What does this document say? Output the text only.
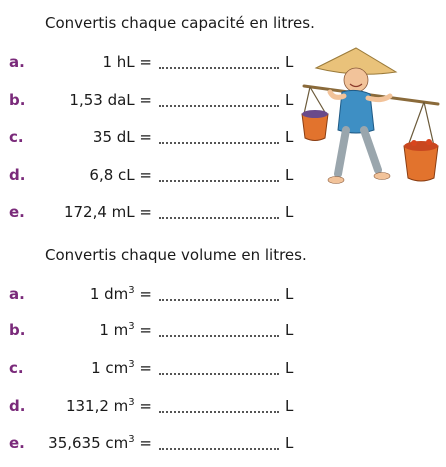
Convertis chaque capacité en litres.
a.	1 hL =	L
b.	1,53 daL =	L
c.	35 dL =	L
d.	6,8 cL =	L
e.	172,4 mL =	L
Convertis chaque volume en litres.
a.	1 $dm^3$ =	L
b.	1 $m^3$ =	L
c.	1 $cm^3$ =	L
d.	131,2 $m^3$ =	L
e. 35,635 $cm^3$ =	L
